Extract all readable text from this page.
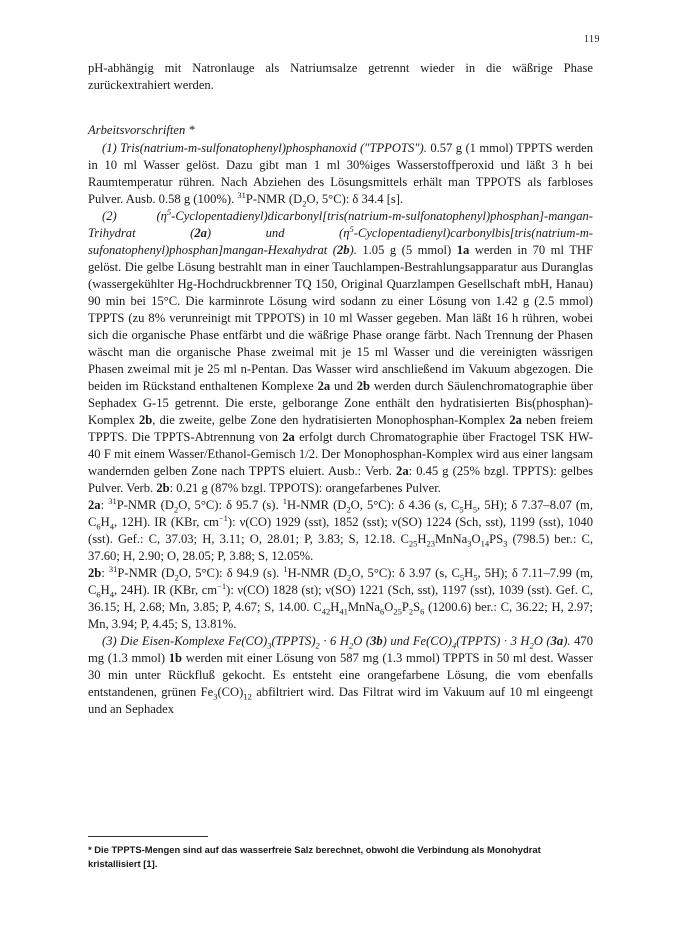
119

pH-abhängig mit Natronlauge als Natriumsalze getrennt wieder in die wäßrige Phase zurückextrahiert werden.

Arbeitsvorschriften *

(1) Tris(natrium-m-sulfonatophenyl)phosphanoxid ("TPPOTS"). 0.57 g (1 mmol) TPPTS werden in 10 ml Wasser gelöst. Dazu gibt man 1 ml 30%iges Wasserstoffperoxid und läßt 3 h bei Raumtemperatur rühren. Nach Abziehen des Lösungsmittels erhält man TPPOTS als farbloses Pulver. Ausb. 0.58 g (100%). $^{31}$P-NMR ($D_2O$, 5°C): δ 34.4 [s].

(2) $(\eta^5-Cyclopentadienyl)dicarbonyl[tris(natrium-m-sulfonatophenyl)phosphan]-mangan$-Trihydrat (2a) und $(\eta^5-Cyclopentadienyl)carbonylbis[tris(natrium-m-sufonatophenyl)phosphan]mangan$-Hexahydrat (2b). 1.05 g (5 mmol) 1a werden in 70 ml THF gelöst. Die gelbe Lösung bestrahlt man in einer Tauchlampen-Bestrahlungsapparatur aus Duranglas (wassergekühlter Hg-Hochdruckbrenner TQ 150, Original Quarzlampen Gesellschaft mbH, Hanau) 90 min bei 15°C. Die karminrote Lösung wird sodann zu einer Lösung von 1.42 g (2.5 mmol) TPPTS (zu 8% verunreinigt mit TPPOTS) in 10 ml Wasser gegeben. Man läßt 16 h rühren, wobei sich die organische Phase entfärbt und die wäßrige Phase orange färbt. Nach Trennung der Phasen wäscht man die organische Phase zweimal mit je 15 ml Wasser und die vereinigten wässrigen Phasen zweimal mit je 25 ml n-Pentan. Das Wasser wird anschließend im Vakuum abgezogen. Die beiden im Rückstand enthaltenen Komplexe 2a und 2b werden durch Säulenchromatographie über Sephadex G-15 getrennt. Die erste, gelborange Zone enthält den hydratisierten Bis(phosphan)-Komplex 2b, die zweite, gelbe Zone den hydratisierten Monophosphan-Komplex 2a neben freiem TPPTS. Die TPPTS-Abtrennung von 2a erfolgt durch Chromatographie über Fractogel TSK HW-40 F mit einem Wasser/Ethanol-Gemisch 1/2. Der Monophosphan-Komplex wird aus einer langsam wandernden gelben Zone nach TPPTS eluiert. Ausb.: Verb. 2a: 0.45 g (25% bzgl. TPPTS): gelbes Pulver. Verb. 2b: 0.21 g (87% bzgl. TPPOTS): orangefarbenes Pulver.

2a: $^{31}$P-NMR ($D_2O$, 5°C): δ 95.7 (s). $^1$H-NMR ($D_2O$, 5°C): δ 4.36 (s, $C_5H_5$, 5H); δ 7.37–8.07 (m, $C_6H_4$, 12H). IR (KBr, $cm^{-1}$): ν(CO) 1929 (sst), 1852 (sst); ν(SO) 1224 (Sch, sst), 1199 (sst), 1040 (sst). Gef.: C, 37.03; H, 3.11; O, 28.01; P, 3.83; S, 12.18. $C_{25}H_{23}MnNa_3O_{14}PS_3$ (798.5) ber.: C, 37.60; H, 2.90; O, 28.05; P, 3.88; S, 12.05%.

2b: $^{31}$P-NMR ($D_2O$, 5°C): δ 94.9 (s). $^1$H-NMR ($D_2O$, 5°C): δ 3.97 (s, $C_5H_5$, 5H); δ 7.11–7.99 (m, $C_6H_4$, 24H). IR (KBr, $cm^{-1}$): ν(CO) 1828 (st); ν(SO) 1221 (Sch, sst), 1197 (sst), 1039 (sst). Gef. C, 36.15; H, 2.68; Mn, 3.85; P, 4.67; S, 14.00. $C_{42}H_{41}MnNa_6O_{25}P_2S_6$ (1200.6) ber.: C, 36.22; H, 2.97; Mn, 3.94; P, 4.45; S, 13.81%.

(3) Die Eisen-Komplexe $Fe(CO)_3(TPPTS)_2 \cdot 6$ $H_2O$ (3b) und $Fe(CO)_4(TPPTS) \cdot 3$ $H_2O$ (3a). 470 mg (1.3 mmol) 1b werden mit einer Lösung von 587 mg (1.3 mmol) TPPTS in 50 ml dest. Wasser 30 min unter Rückfluß gekocht. Es entsteht eine orangefarbene Lösung, die vom ebenfalls entstandenen, grünen $Fe_3(CO)_{12}$ abfiltriert wird. Das Filtrat wird im Vakuum auf 10 ml eingeengt und an Sephadex

* Die TPPTS-Mengen sind auf das wasserfreie Salz berechnet, obwohl die Verbindung als Monohydrat kristallisiert [1].
